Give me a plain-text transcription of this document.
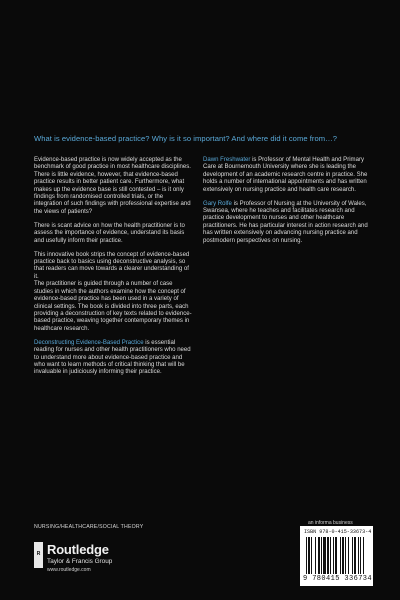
What is evidence-based practice? Why is it so important? And where did it come from…?

Evidence-based practice is now widely accepted as the benchmark of good practice in most healthcare disciplines. There is little evidence, however, that evidence-based practice results in better patient care. Furthermore, what makes up the evidence base is still contested – is it only findings from randomised controlled trials, or the integration of such findings with professional expertise and the views of patients?

There is scant advice on how the health practitioner is to assess the importance of evidence, understand its basis and usefully inform their practice.

This innovative book strips the concept of evidence-based practice back to basics using deconstructive analysis, so that readers can move towards a clearer understanding of it.

The practitioner is guided through a number of case studies in which the authors examine how the concept of evidence-based practice has been used in a variety of clinical settings. The book is divided into three parts, each providing a deconstruction of key texts related to evidence-based practice, weaving together contemporary themes in healthcare research.

Deconstructing Evidence-Based Practice is essential reading for nurses and other health practitioners who need to understand more about evidence-based practice and who want to learn methods of critical thinking that will be invaluable in judiciously informing their practice.

Dawn Freshwater is Professor of Mental Health and Primary Care at Bournemouth University where she is leading the development of an academic research centre in practice. She holds a number of international appointments and has written extensively on nursing practice and health care research.

Gary Rolfe is Professor of Nursing at the University of Wales, Swansea, where he teaches and facilitates research and practice development to nurses and other healthcare practitioners. He has particular interest in action research and has written extensively on advancing nursing practice and postmodern perspectives on nursing.

NURSING/HEALTHCARE/SOCIAL THEORY
an informa business
R Routledge
Taylor & Francis Group
www.routledge.com
ISBN 978-0-415-33673-4
9 780415 336734
